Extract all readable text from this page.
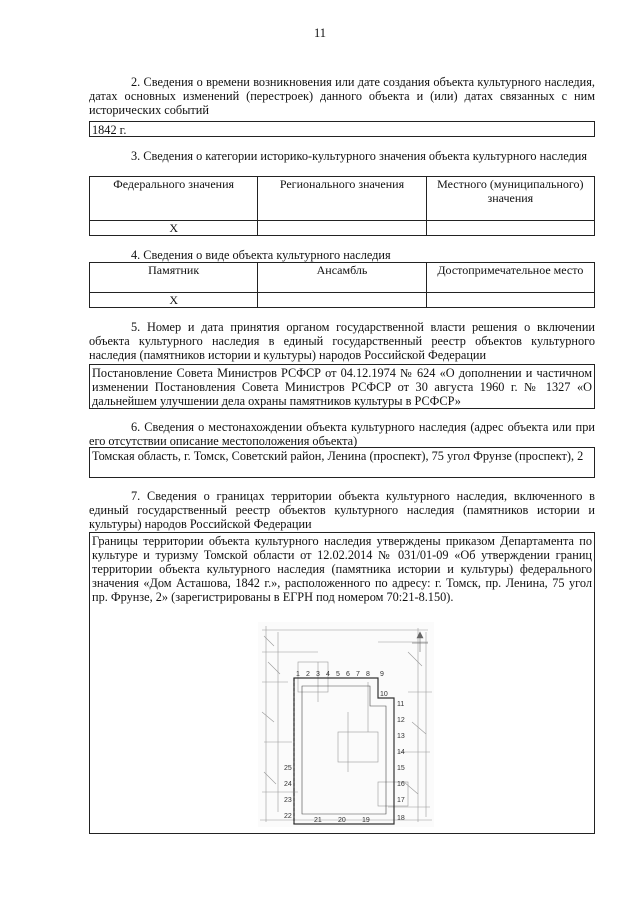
11
2. Сведения о времени возникновения или дате создания объекта культурного наследия, датах основных изменений (перестроек) данного объекта и (или) датах связанных с ним исторических событий
1842 г.
3. Сведения о категории историко-культурного значения объекта культурного наследия
Федерального значения	Регионального значения	Местного (муниципального) значения
Х		
4. Сведения о виде объекта культурного наследия
Памятник	Ансамбль	Достопримечательное место
Х		
5. Номер и дата принятия органом государственной власти решения о включении объекта культурного наследия в единый государственный реестр объектов культурного наследия (памятников истории и культуры) народов Российской Федерации
Постановление Совета Министров РСФСР от 04.12.1974 № 624 «О дополнении и частичном изменении Постановления Совета Министров РСФСР от 30 августа 1960 г. № 1327 «О дальнейшем улучшении дела охраны памятников культуры в РСФСР»
6. Сведения о местонахождении объекта культурного наследия (адрес объекта или при его отсутствии описание местоположения объекта)
Томская область, г. Томск, Советский район, Ленина (проспект), 75 угол Фрунзе (проспект), 2
7. Сведения о границах территории объекта культурного наследия, включенного в единый государственный реестр объектов культурного наследия (памятников истории и культуры) народов Российской Федерации
Границы территории объекта культурного наследия утверждены приказом Департамента по культуре и туризму Томской области от 12.02.2014 № 031/01-09 «Об утверждении границ территории объекта культурного наследия (памятника истории и культуры) федерального значения «Дом Асташова, 1842 г.», расположенного по адресу: г. Томск, пр. Ленина, 75 угол пр. Фрунзе, 2» (зарегистрированы в ЕГРН под номером 70:21-8.150).
1 2 3 4 5 6 7 8 9
10
11
12
13
14
15
16
17
18
19
20
21
22
23
24
25
